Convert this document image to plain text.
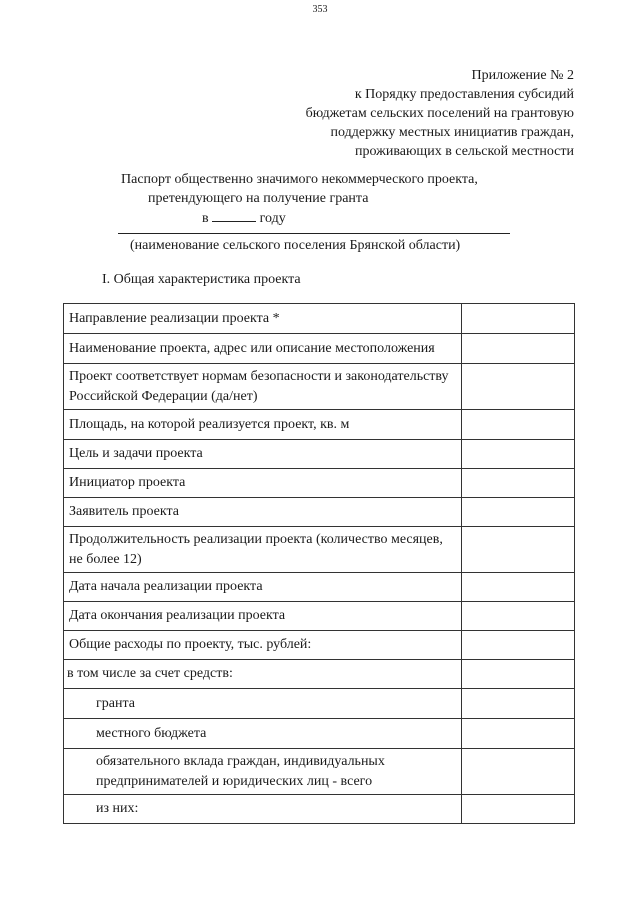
353
Приложение № 2
к Порядку предоставления субсидий
бюджетам сельских поселений на грантовую
поддержку местных инициатив граждан,
проживающих в сельской местности
Паспорт общественно значимого некоммерческого проекта,
претендующего на получение гранта
в	году
(наименование сельского поселения Брянской области)
I. Общая характеристика проекта
Направление реализации проекта *	
Наименование проекта, адрес или описание местоположения	
Проект соответствует нормам безопасности и законодательству Российской Федерации (да/нет)	
Площадь, на которой реализуется проект, кв. м	
Цель и задачи проекта	
Инициатор проекта	
Заявитель проекта	
Продолжительность реализации проекта (количество месяцев, не более 12)	
Дата начала реализации проекта	
Дата окончания реализации проекта	
Общие расходы по проекту, тыс. рублей:	
в том числе за счет средств:	
гранта	
местного бюджета	
обязательного вклада граждан, индивидуальных предпринимателей и юридических лиц - всего	
из них:	
